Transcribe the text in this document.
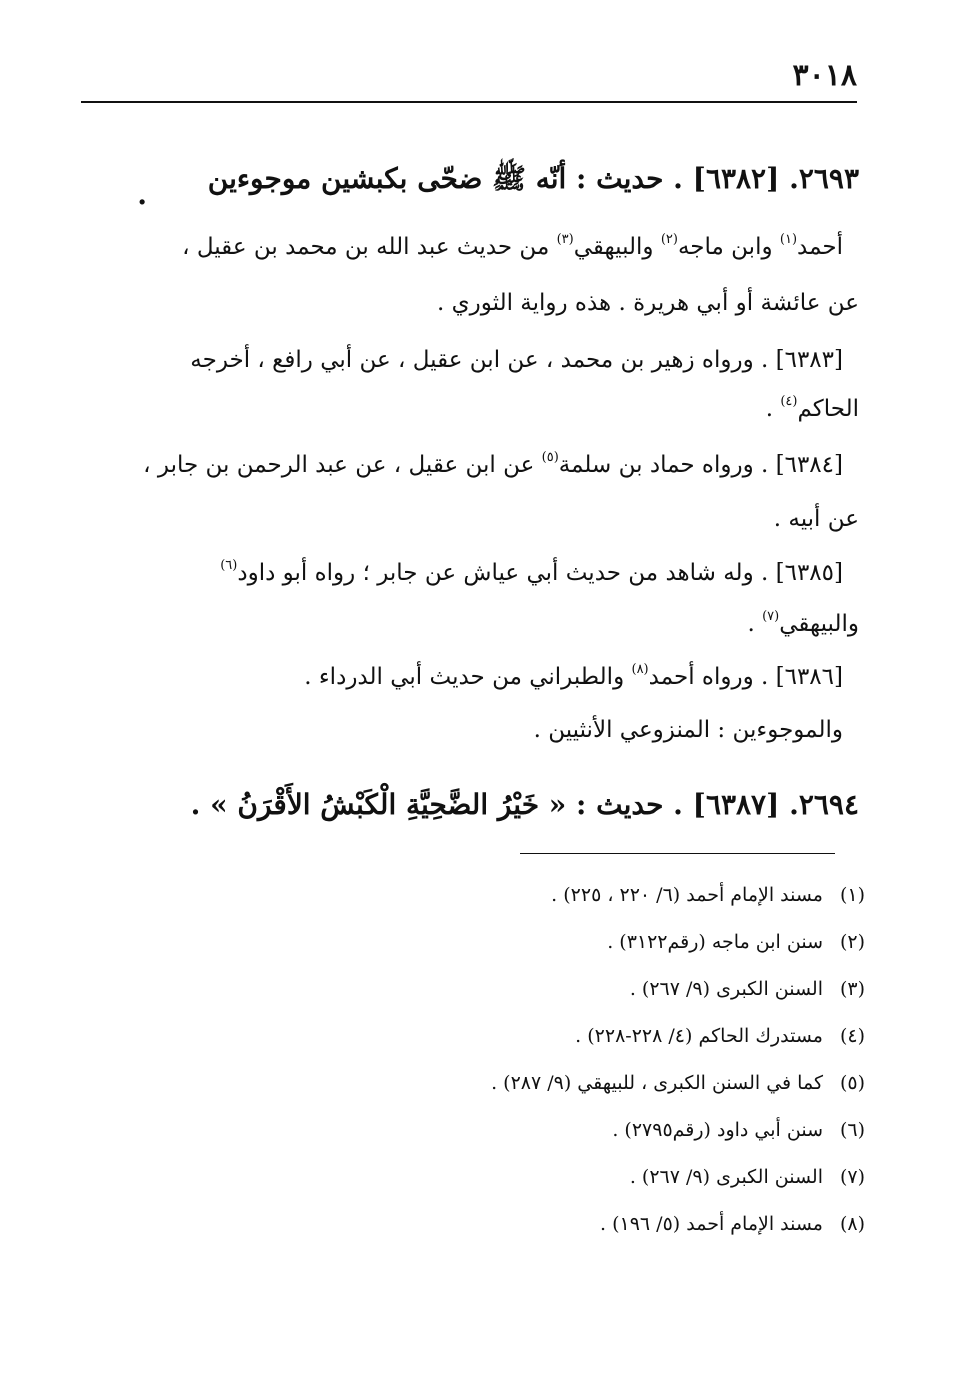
٣٠١٨
٢٦٩٣. [٦٣٨٢] . حديث : أنّه ﷺ ضحّى بكبشين موجوءين
.
أحمد$^{(١)}$ وابن ماجه$^{(٢)}$ والبيهقي$^{(٣)}$ من حديث عبد الله بن محمد بن عقيل ،
عن عائشة أو أبي هريرة . هذه رواية الثوري .
[٦٣٨٣] . ورواه زهير بن محمد ، عن ابن عقيل ، عن أبي رافع ، أخرجه
الحاكم$^{(٤)}$ .
[٦٣٨٤] . ورواه حماد بن سلمة$^{(٥)}$ عن ابن عقيل ، عن عبد الرحمن بن جابر ،
عن أبيه .
[٦٣٨٥] . وله شاهد من حديث أبي عياش عن جابر ؛ رواه أبو داود$^{(٦)}$
والبيهقي$^{(٧)}$ .
[٦٣٨٦] . ورواه أحمد$^{(٨)}$ والطبراني من حديث أبي الدرداء .
والموجوءين : المنزوعي الأنثيين .
٢٦٩٤. [٦٣٨٧] . حديث : « خَيْرُ الضَّحِيَّةِ الْكَبْشُ الأَقْرَنُ » .
(١)مسند الإمام أحمد (٦/ ٢٢٠ ، ٢٢٥) .
(٢)سنن ابن ماجه (رقم٣١٢٢) .
(٣)السنن الكبرى (٩/ ٢٦٧) .
(٤)مستدرك الحاكم (٤/ ٢٢٨-٢٢٨) .
(٥)كما في السنن الكبرى ، للبيهقي (٩/ ٢٨٧) .
(٦)سنن أبي داود (رقم٢٧٩٥) .
(٧)السنن الكبرى (٩/ ٢٦٧) .
(٨)مسند الإمام أحمد (٥/ ١٩٦) .
